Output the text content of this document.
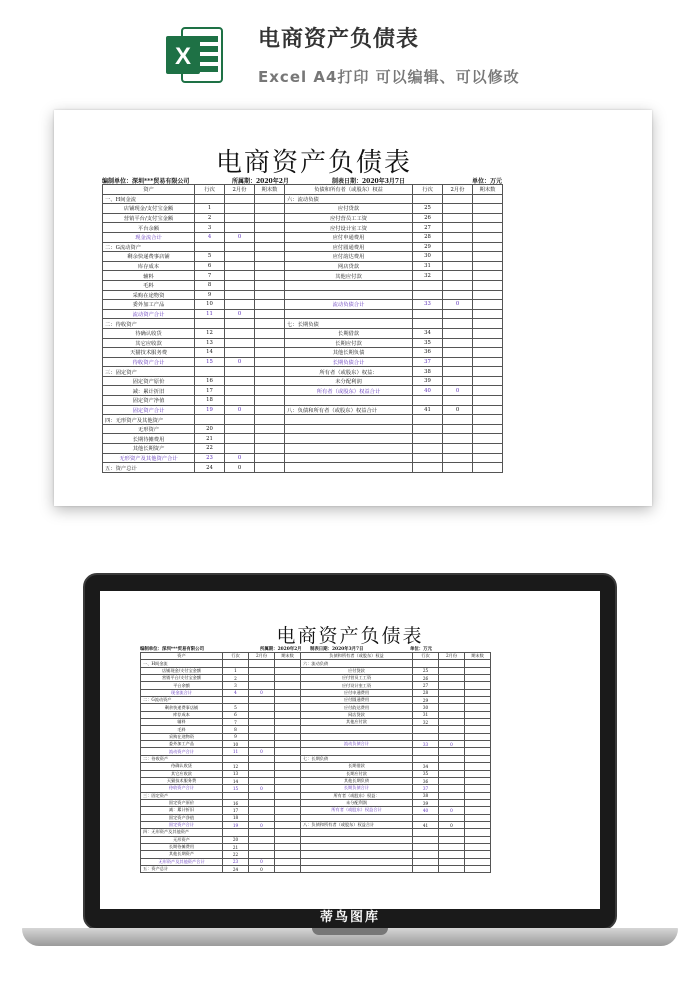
X
电商资产负债表
Excel A4打印 可以编辑、可以修改
电商资产负债表
编制单位：深圳***贸易有限公司	所属期：2020年2月	制表日期：2020年3月7日	单位：万元
资产	行次	2月份	期末数	负债和所有者（或股东）权益	行次	2月份	期末数
一、H间金流				六：流动负债			
店铺现金/支付宝金额	1			应付贷款	25		
营销平台/支付宝金额	2			应付营员工工资	26		
平台余额	3			应付设计室工资	27		
现金流合计	4	0		应付申通费用	28		
二：G流动资产				应付圆通费用	29		
剩余快递费事店铺	5			应付韵达费用	30		
库存成本	6			网店贷款	31		
辅料	7			其他应付款	32		
毛料	8						
采购在途物资	9						
委外加工产品	10			流动负债合计	33	0	
流动资产合计	11	0					
二：待收资产				七：长期负债			
待确认收货	12			长期借款	34		
其它应收款	13			长期应付款	35		
天猫技术服务费	14			其他长期负债	36		
待收资产合计	15	0		长期负债合计	37		
三：固定资产				所有者（或股东）权益：	38		
固定资产原价	16			未分配利润	39		
减：累计折旧	17			所有者（或股东）权益合计	40	0	
固定资产净值	18						
固定资产合计	19	0		八：负债和所有者（或股东）权益合计	41	0	
四：无形资产及其他资产							
无形资产	20						
长期待摊费用	21						
其他长期资产	22						
无形资产及其他资产合计	23	0					
五：资产总计	24	0					
电商资产负债表
编制单位：深圳***贸易有限公司	所属期：2020年2月	制表日期：2020年3月7日	单位：万元
资产	行次	2月份	期末数	负债和所有者（或股东）权益	行次	2月份	期末数
一、H间金流				六：流动负债			
店铺现金/支付宝金额	1			应付贷款	25		
营销平台/支付宝金额	2			应付营员工工资	26		
平台余额	3			应付设计室工资	27		
现金流合计	4	0		应付申通费用	28		
二：G流动资产				应付圆通费用	29		
剩余快递费事店铺	5			应付韵达费用	30		
库存成本	6			网店贷款	31		
辅料	7			其他应付款	32		
毛料	8						
采购在途物资	9						
委外加工产品	10			流动负债合计	33	0	
流动资产合计	11	0					
二：待收资产				七：长期负债			
待确认收货	12			长期借款	34		
其它应收款	13			长期应付款	35		
天猫技术服务费	14			其他长期负债	36		
待收资产合计	15	0		长期负债合计	37		
三：固定资产				所有者（或股东）权益：	38		
固定资产原价	16			未分配利润	39		
减：累计折旧	17			所有者（或股东）权益合计	40	0	
固定资产净值	18						
固定资产合计	19	0		八：负债和所有者（或股东）权益合计	41	0	
四：无形资产及其他资产							
无形资产	20						
长期待摊费用	21						
其他长期资产	22						
无形资产及其他资产合计	23	0					
五：资产总计	24	0					
蒂鸟图库
